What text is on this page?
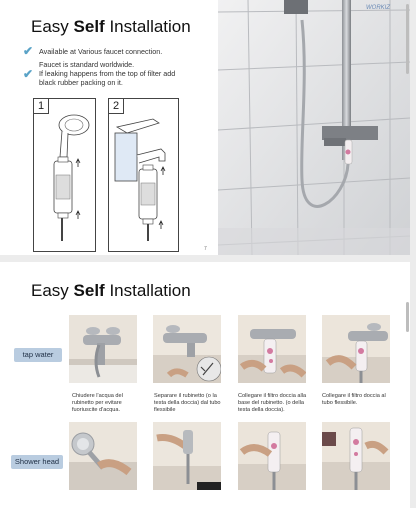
Easy Self Installation
✔ Available at Various faucet connection.
✔
Faucet is standard worldwide.
If leaking happens from the top of filter add
black rubber packing on it.
1	2
7
WORKIZ
Easy Self Installation
tap water
Shower head
Chiudere l'acqua del rubinetto per evitare fuoriuscite d'acqua.
Separare il rubinetto (o la testa della doccia) dal tubo flessibile
Collegare il filtro doccia alla base del rubinetto. (o della testa della doccia).
Collegare il filtro doccia al tubo flessibile.
